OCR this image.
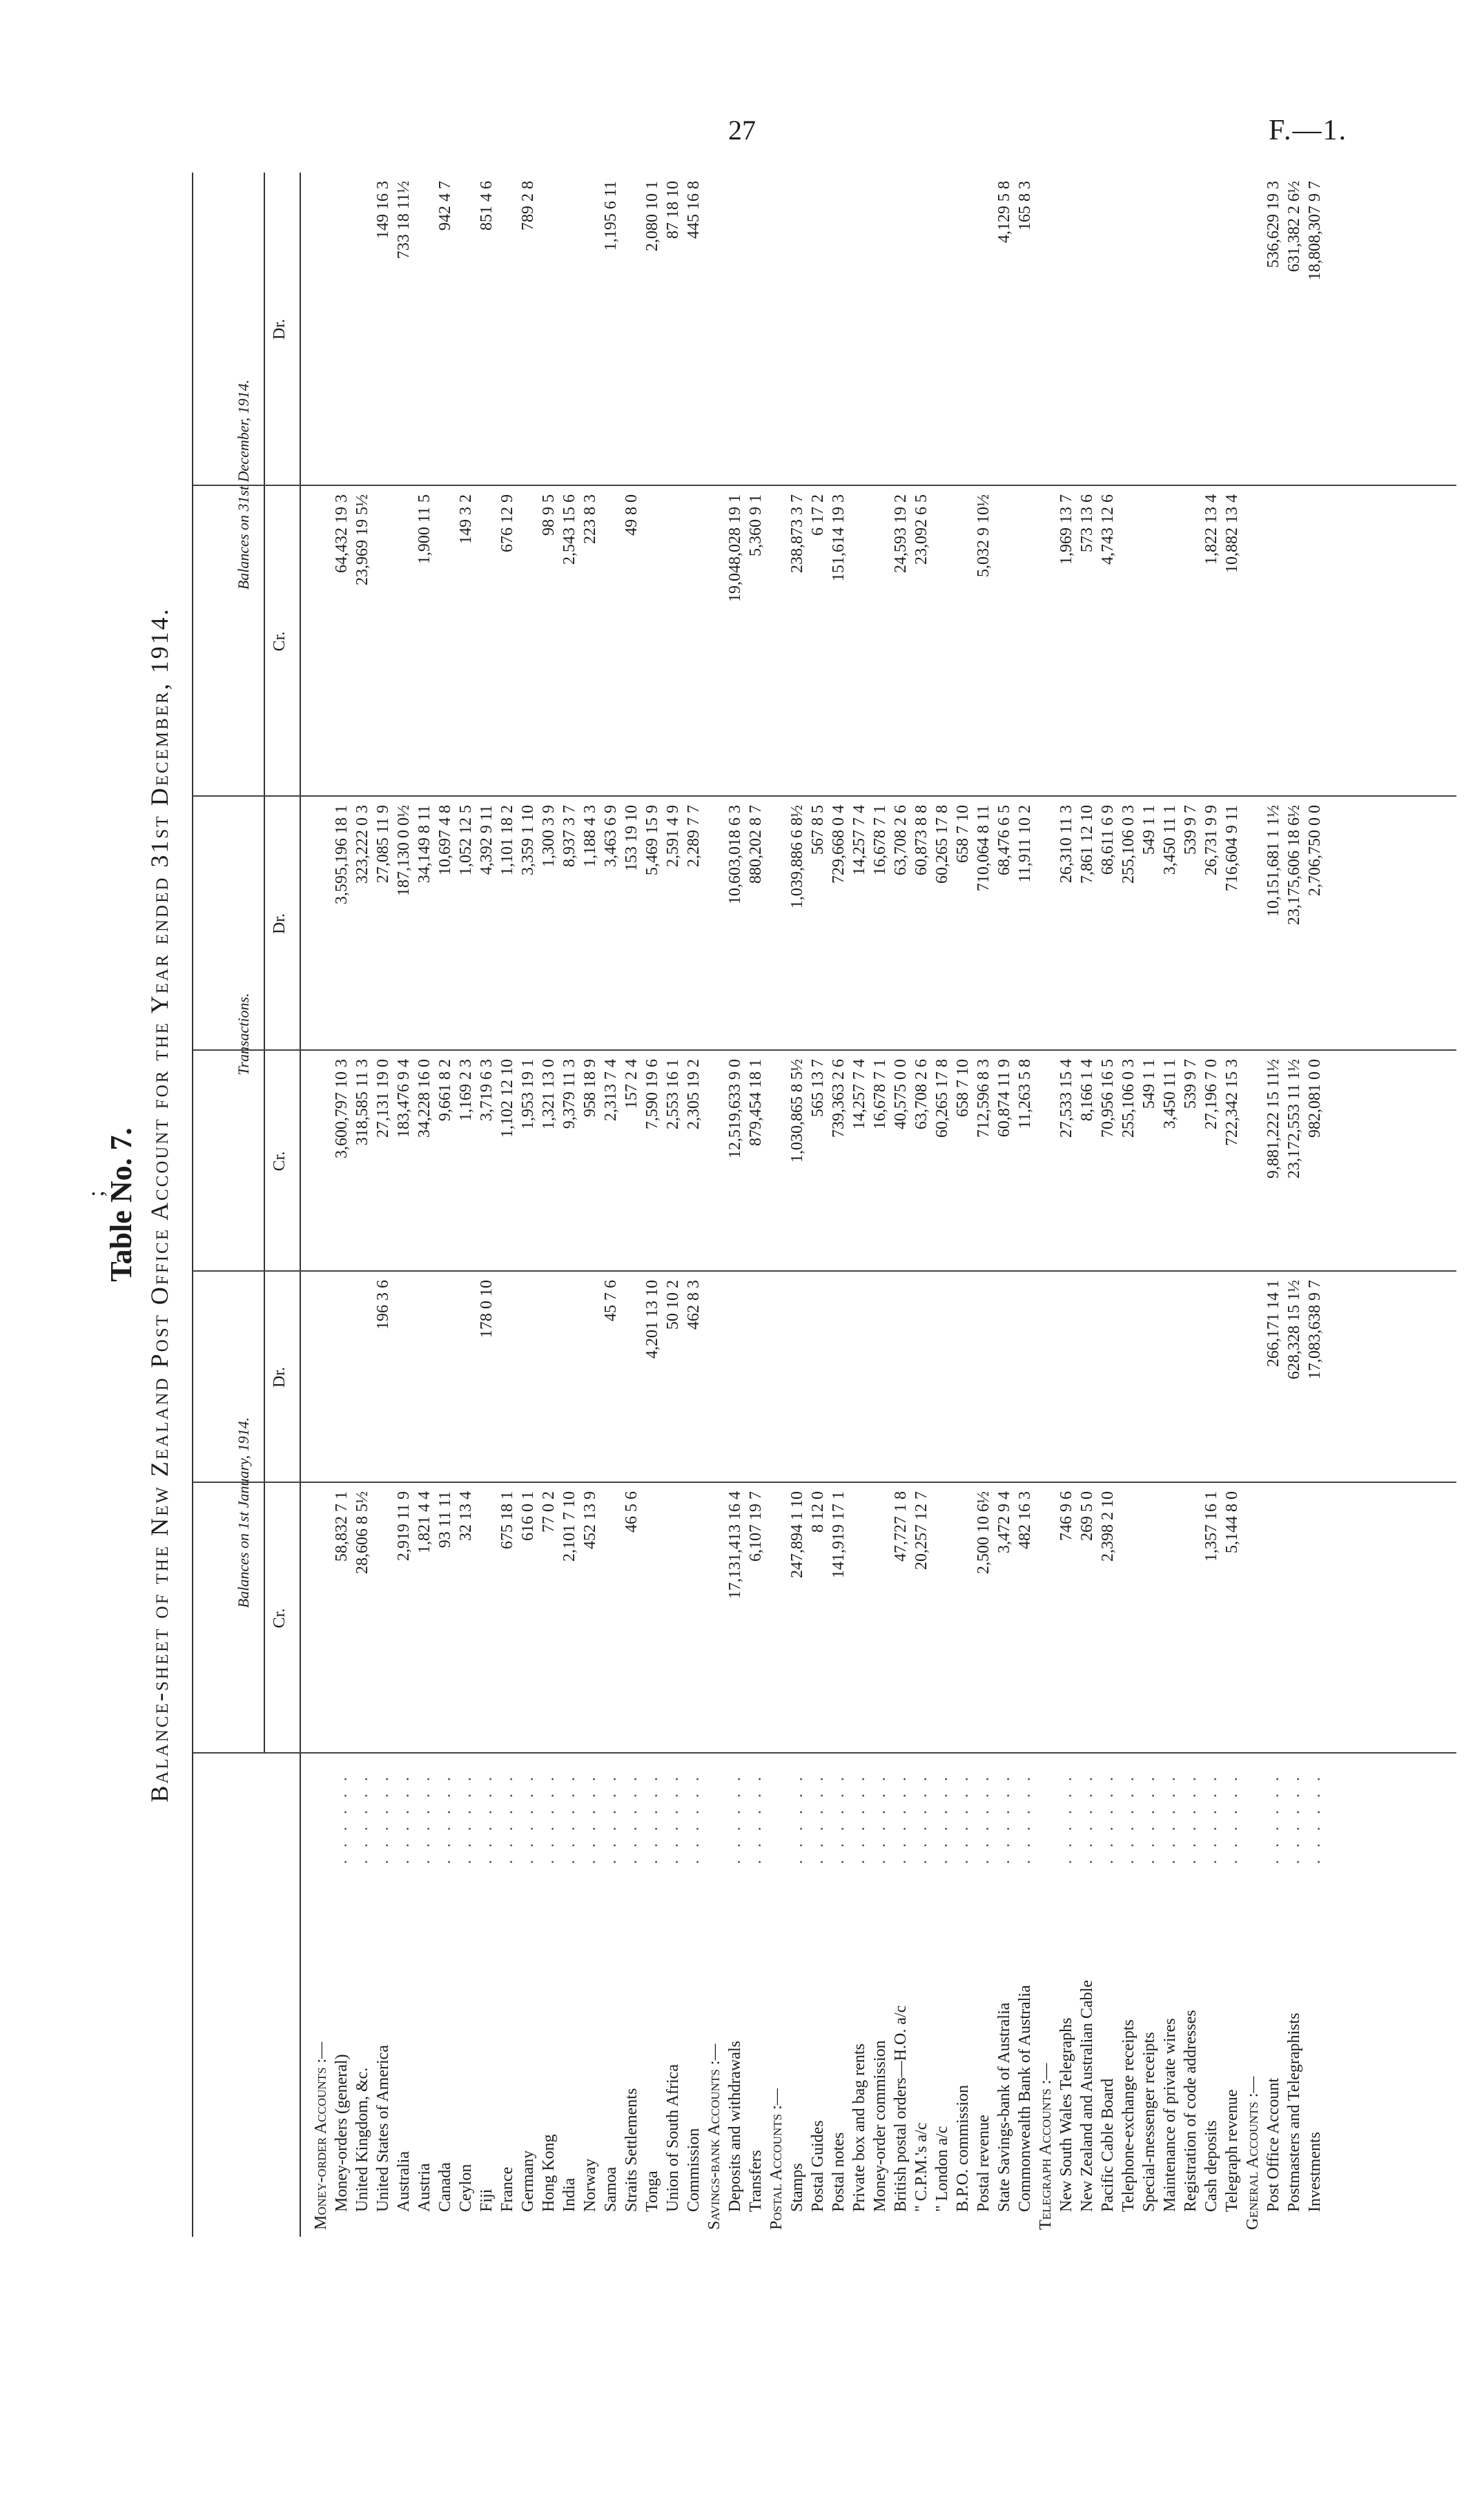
27	F.—1.
;
Table No. 7. Balance-sheet of the New Zealand Post Office Account for the Year ended 31st December, 1914.	Balances on 1st January, 1914.
Transactions.
Balances on 31st December, 1914.
Cr.
Dr.
Cr.
Dr.
Cr.
Dr.
Money-order Accounts :— Money-orders (general)
. . . . . .
58,832 7 1
3,600,797 10 3
3,595,196 18 1
64,432 19 3
United Kingdom, &c.
. . . . . .
28,606 8 5½
318,585 11 3
323,222 0 3
23,969 19 5½
United States of America
. . . . . .
196 3 6
27,131 19 0
27,085 11 9
149 16 3
Australia
. . . . . .
2,919 11 9
183,476 9 4
187,130 0 0½
733 18 11½
Austria
. . . . . .
1,821 4 4
34,228 16 0
34,149 8 11
1,900 11 5
Canada
. . . . . .
93 11 11
9,661 8 2
10,697 4 8
942 4 7
Ceylon
. . . . . .
32 13 4
1,169 2 3
1,052 12 5
149 3 2
Fiji
. . . . . .
178 0 10
3,719 6 3
4,392 9 11
851 4 6
France
. . . . . .
675 18 1
1,102 12 10
1,101 18 2
676 12 9
Germany
. . . . . .
616 0 1
1,953 19 1
3,359 1 10
789 2 8
Hong Kong
. . . . . .
77 0 2
1,321 13 0
1,300 3 9
98 9 5
India
. . . . . .
2,101 7 10
9,379 11 3
8,937 3 7
2,543 15 6
Norway
. . . . . .
452 13 9
958 18 9
1,188 4 3
223 8 3
Samoa
. . . . . .
45 7 6
2,313 7 4
3,463 6 9
1,195 6 11
Straits Settlements
. . . . . .
46 5 6
157 2 4
153 19 10
49 8 0
Tonga
. . . . . .
4,201 13 10
7,590 19 6
5,469 15 9
2,080 10 1
Union of South Africa
. . . . . .
50 10 2
2,553 16 1
2,591 4 9
87 18 10
Commission
. . . . . .
462 8 3
2,305 19 2
2,289 7 7
445 16 8
Savings-bank Accounts :— Deposits and withdrawals
. . . . . .
17,131,413 16 4
12,519,633 9 0
10,603,018 6 3
19,048,028 19 1
Transfers
. . . . . .
6,107 19 7
879,454 18 1
880,202 8 7
5,360 9 1
Postal Accounts :— Stamps
. . . . . .
247,894 1 10
1,030,865 8 5½
1,039,886 6 8½
238,873 3 7
Postal Guides
. . . . . .
8 12 0
565 13 7
567 8 5
6 17 2
Postal notes
. . . . . .
141,919 17 1
739,363 2 6
729,668 0 4
151,614 19 3
Private box and bag rents
. . . . . .
14,257 7 4
14,257 7 4
Money-order commission
. . . . . .
16,678 7 1
16,678 7 1
British postal orders—H.O. a/c
. . . . . .
47,727 1 8
40,575 0 0
63,708 2 6
24,593 19 2
" C.P.M.'s a/c
. . . . . .
20,257 12 7
63,708 2 6
60,873 8 8
23,092 6 5
" London a/c
. . . . . .
60,265 17 8
60,265 17 8
B.P.O. commission
. . . . . .
658 7 10
658 7 10
Postal revenue
. . . . . .
2,500 10 6½
712,596 8 3
710,064 8 11
5,032 9 10½
State Savings-bank of Australia
. . . . . .
3,472 9 4
60,874 11 9
68,476 6 5
4,129 5 8
Commonwealth Bank of Australia
. . . . . .
482 16 3
11,263 5 8
11,911 10 2
165 8 3
Telegraph Accounts :— New South Wales Telegraphs
. . . . . .
746 9 6
27,533 15 4
26,310 11 3
1,969 13 7
New Zealand and Australian Cable
. . . . . .
269 5 0
8,166 1 4
7,861 12 10
573 13 6
Pacific Cable Board
. . . . . .
2,398 2 10
70,956 16 5
68,611 6 9
4,743 12 6
Telephone-exchange receipts
. . . . . .
255,106 0 3
255,106 0 3
Special-messenger receipts
. . . . . .
549 1 1
549 1 1
Maintenance of private wires
. . . . . .
3,450 11 1
3,450 11 1
Registration of code addresses
. . . . . .
539 9 7
539 9 7
Cash deposits
. . . . . .
1,357 16 1
27,196 7 0
26,731 9 9
1,822 13 4
Telegraph revenue
. . . . . .
5,144 8 0
722,342 15 3
716,604 9 11
10,882 13 4
General Accounts :— Post Office Account
. . . . . .
266,171 14 1
9,881,222 15 11½
10,151,681 1 1½
536,629 19 3
Postmasters and Telegraphists
. . . . . .
628,328 15 1½
23,172,553 11 1½
23,175,606 18 6½
631,382 2 6½
Investments
. . . . . .
17,083,638 9 7
982,081 0 0
2,706,750 0 0
18,808,307 9 7
